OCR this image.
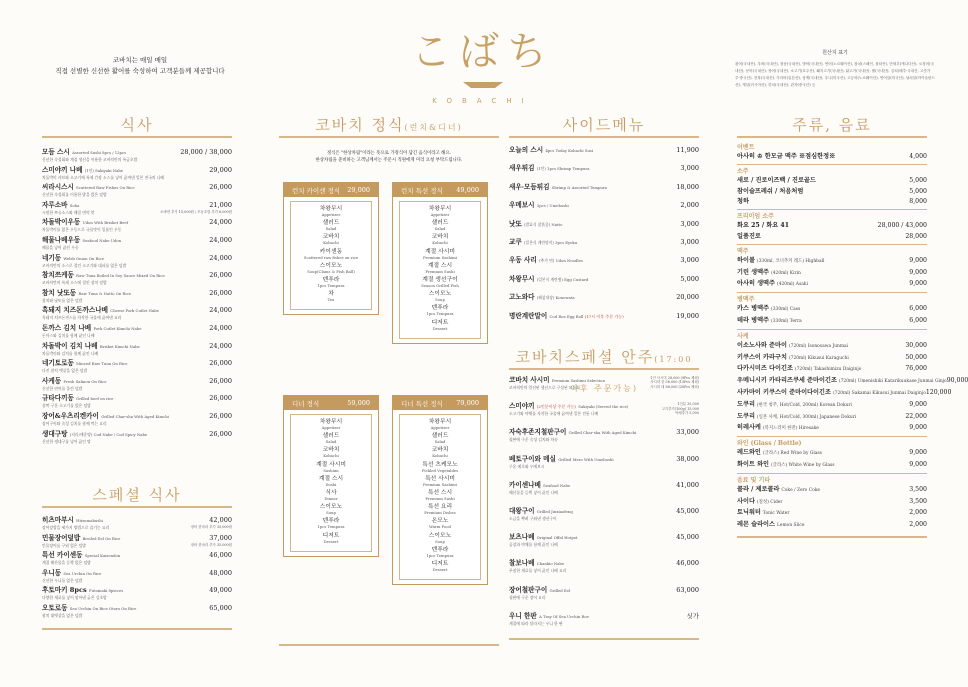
코바치는 매일 매일
직접 선별한 신선한 활어를 숙성하여 고객분들께 제공합니다	こばち
KOBACHI
원산지 표기
광어(국내산), 우럭(국내산), 참돔(국내산), 방어(국내산), 연어(노르웨이산), 참치(스페인, 몰타산), 단새우(캐나다산), 오징어(국내산), 문어(국내산), 장어(국내산), 소고기(호주산), 돼지고기(국내산), 닭고기(국내산), 쌀(국내산), 김치(배추-국내산, 고춧가루-중국산), 전복(국내산), 가리비(일본산), 성게(국내산), 우니(미국산), 고등어(노르웨이산), 연어알(미국산), 날치알(아이슬란드산), 게살(러시아산), 한치(국내산), 관자(중국산) 등
식사
모듬 스시 Assorted Sushi 8pcs / 12pcs
신선한 숙성회와 계절 생선을 이용한 코바치만의 특급초밥
28,000 / 38,000
스미야끼 나베 (1인) Sukiyaki Nabe
차돌박이 샤브와 소고기에 특제 간장 소스를 넣어 끓여낸 일본 전국의 나베
29,000
씨라시스시 Scattered Raw Fishes On Rice
신선한 숙성회를 이용한 밥을 얹은 덮밥
26,000
자루소바 Soba
시원한 쯔유소스와 메밀 면의 맛
21,000
소바면 추가 15,000원 / 모듬초밥 추가 6,000원
차돌박이우동 Udon With Brisket Beef
차돌박이를 얹은 우동으로 국물맛이 일품인 우동
24,000
해물나베우동 Seafood Nabe Udon
해물을 넣어 끓인 우동
24,000
네기동 Welsh Onion On Rice
코바치만의 소스로 절인 소고기와 대파를 얹은 덮밥
24,000
참치쯔케동 Raw Tuna Boiled In Soy Sauce Mixed On Rice
코바치만의 특제 소스에 절인 참치 덮밥
26,000
참치 낫또동 Raw Tuna & Natto On Rice
참치와 낫또를 얹은 덮밥
26,000
흑돼지 치즈돈까스나베 Cheese Pork Cutlet Nabe
흑돼지 치즈돈까스를 자작한 국물에 끓여낸 요리
24,000
돈까스 김치 나베 Pork Cutlet Kimchi Nabe
돈까스와 김치를 함께 끓인 나베
24,000
차돌박이 김치 나베 Brisket Kimchi Nabe
차돌박이와 김치를 함께 끓인 나베
24,000
네기토로동 Minced Raw Tuna On Rice
다진 참치 뱃살을 얹은 덮밥
26,000
사케동 Fresh Salmon On Rice
신선한 연어를 올린 덮밥
26,000
규타다끼동 Grilled beef on rice
살짝 구운 소고기를 얹은 덮밥
26,000
장어&우츠리켄카이 Grilled Char-sha With Aged Kimchi
장어구이와 숙성 김치를 함께 먹는 요리
26,000
생대구탕 (지리/매운탕) Cod Nabe / Cod Spicy Nabe
신선한 생대구를 넣어 끓인 탕
26,000
스페셜 식사
히츠마부시 Hitsumabushi
장어덮밥을 세가지 방법으로 즐기는 요리
42,000
장어 한마리 추가 35,000원
민물장어덮밥 Broiled Eel On Rice
민물장어를 구워 얹은 덮밥
37,000
장어 한마리 추가 35,000원
특선 카이센동 Special Kaisendon
계절 해산물을 듬뿍 얹은 덮밥
46,000
우니동 Sea Urchin On Rice
신선한 우니를 얹은 덮밥
48,000
후토마키 8pcs Futomaki 8pieces
다양한 재료를 넣어 말아낸 굵은 김초밥
49,000
오토로동 Sea Urchin On Rice Otoro On Rice
참치 대뱃살을 얹은 덮밥
65,000
코바치 정식(런치&디너)
정식은 "한상차림"이라는 뜻으로 가정식이 담긴 음식이라고 해요.
한상차림을 준비하는 고객님께서는 주문시 직원에게 미리 요청 부탁드립니다.
런치 카이센 정식 29,000
차왕무시
Appetizer
샐러드
Salad
코바치
Kobachi
카이센동
Scattered raw fishes on rice
스이모노
Soup(Clams & Fish Ball)
덴푸라
1pcs Tempura
차
Tea
런치 특선 정식 49,000
차왕무시
Appetizer
샐러드
Salad
코바치
Kobachi
계절 사시미
Premium Sashimi
계절 스시
Premium Sushi
계절 생선구이
Season Grilled Fish
스이모노
Soup
덴푸라
1pcs Tempura
디저트
Dessert
디너 정식	59,000
차왕무시
Appetizer
샐러드
Salad
코바치
Kobachi
계절 사시미
Sashimi
계절 스시
Sushi
식사
Dinner
스이모노
Soup
덴푸라
1pcs Tempura
디저트
Dessert
디너 특선 정식 79,000
차왕무시
Appetizer
샐러드
Salad
코바치
Kobachi
특선 츠케모노
Pickled Vegetables
특선 사시미
Premium Sashimi
특선 스시
Premium Sushi
특선 요리
Premium Dishes
온모노
Warm Food
스이모노
Soup
덴푸라
1pcs Tempura
디저트
Dessert
사이드메뉴
오늘의 스시 4pcs Today Kobachi Susi	11,900
새우튀김 (1인) 1pcs Shrimp Tempura	3,000
새우·모듬튀김 Shrimp & Assorted Tempura	18,000
우메보시 3pcs / Umeboshi	2,000
낫또 (발효식 찰흙콩) Natto	3,000
교쿠 (일본식 계란말이) 3pcs Eyoku	3,000
우동 사리 (추가 면) Udon Noodles	3,000
차왕무시 (일본식 계란찜) Egg Custard	5,000
고노와다 (해삼내장) Konowata	20,000
명란계란말이 Cod Roe Egg Roll (17시 이후 주문 가능)	19,000
코바치스페셜 안주(17:00 이후 주문가능)
코바치 사시미 Premium Sashimi Selection
코바치만의 엄선된 생선으로 구성된 모둠회
1인 사시미 28,000 (9Pcs 제외)
사시미 중 58,000 (15Pcs 제외)
사시미 대 88,000 (30Pcs 제외)
스미야끼 (2인분이상 주문 가능) Sukiyaki (Served the rice)
소고기와 야채를 자작한 국물에 끓여낸 일본 전통 나베
1인분 35,000
고기추가(100g) 15,000
야채추가 5,000
자숙후존지철판구이 Grilled Char-sha With Aged Kimchi
철판에 구운 숙성 김치와 차슈
33,000
베토구이와 메실 Grilled Mero With Umeboshi
구운 메로와 우메보시
38,000
카이센나베 Seafood Nabe
해산물을 듬뿍 넣어 끓인 나베
41,000
대왕구이 Grilled Jinxiaofeng
소금을 뿌려 구워낸 생선구이
45,000
보츠나베 Original Offal Hotpot
곱창과 야채를 함께 끓인 나베
45,000
찰보나베 Chankio Nabe
푸짐한 재료를 넣어 끓인 나베 요리
46,000
장어철판구이 Grilled Eel
철판에 구운 장어 요리
63,000
우니 한판 A Tray Of Sea Urchin Roe
계절에 따라 달라지는 우니 한 판
싯가
주류, 음료
이벤트
아사히 ♔ 한모금 맥주 ※점심한정※	4,000
소주
새로 / 진로이즈백 / 진로골드	5,000
참이슬프레쉬 / 처음처럼	5,000
청하	8,000
프리미엄 소주
화요 25 / 화요 41	28,000 / 43,000
일품진로	28,000
맥주
하이볼 (330ml, 코너추커 레드) Highball	9,000
기린 생맥주 (420ml) Kirin	9,000
아사히 생맥주 (420ml) Asahi	9,000
병맥주
카스 병맥주 (330ml) Cass	6,000
테라 병맥주 (330ml) Terra	6,000
사케
이소노사와 준마이 (720ml) Isonosawa Junmai	30,000
키쿠스이 카라구치 (720ml) Kikusui Karaguchi	50,000
다카시미즈 다이긴조 (720ml) Takashimizu Daiginjo	76,000
우메니시키 카타리즈쿠세 준마이긴조 (720ml) Umenishiki Katarikuukase Junmai Ginjo 90,000
사카마이 키쿠스이 준마이다이긴조 (720ml) Sakamai Kikusui Junmai Daiginjo 120,000
도쿠리 (한국 청주, Hot/Cold, 200ml) Korean Dokuri	9,000
도쿠리 (일본 사케, Hot/Cold, 300ml) Japanese Dokuri	22,000
히레사케 (복지느러미 한잔) Hiresake	9,000
와인 (Glass / Bottle)
레드와인 (글라스) Red Wine by Glass	9,000
화이트 와인 (글라스) White Wine by Glass	9,000
음료 및 기타
콜라 / 제로콜라 Coke / Zero Coke	3,500
사이다 (칠성) Cider	3,500
토닉워터 Tonic Water	2,000
레몬 슬라이스 Lemon Slice	2,000
